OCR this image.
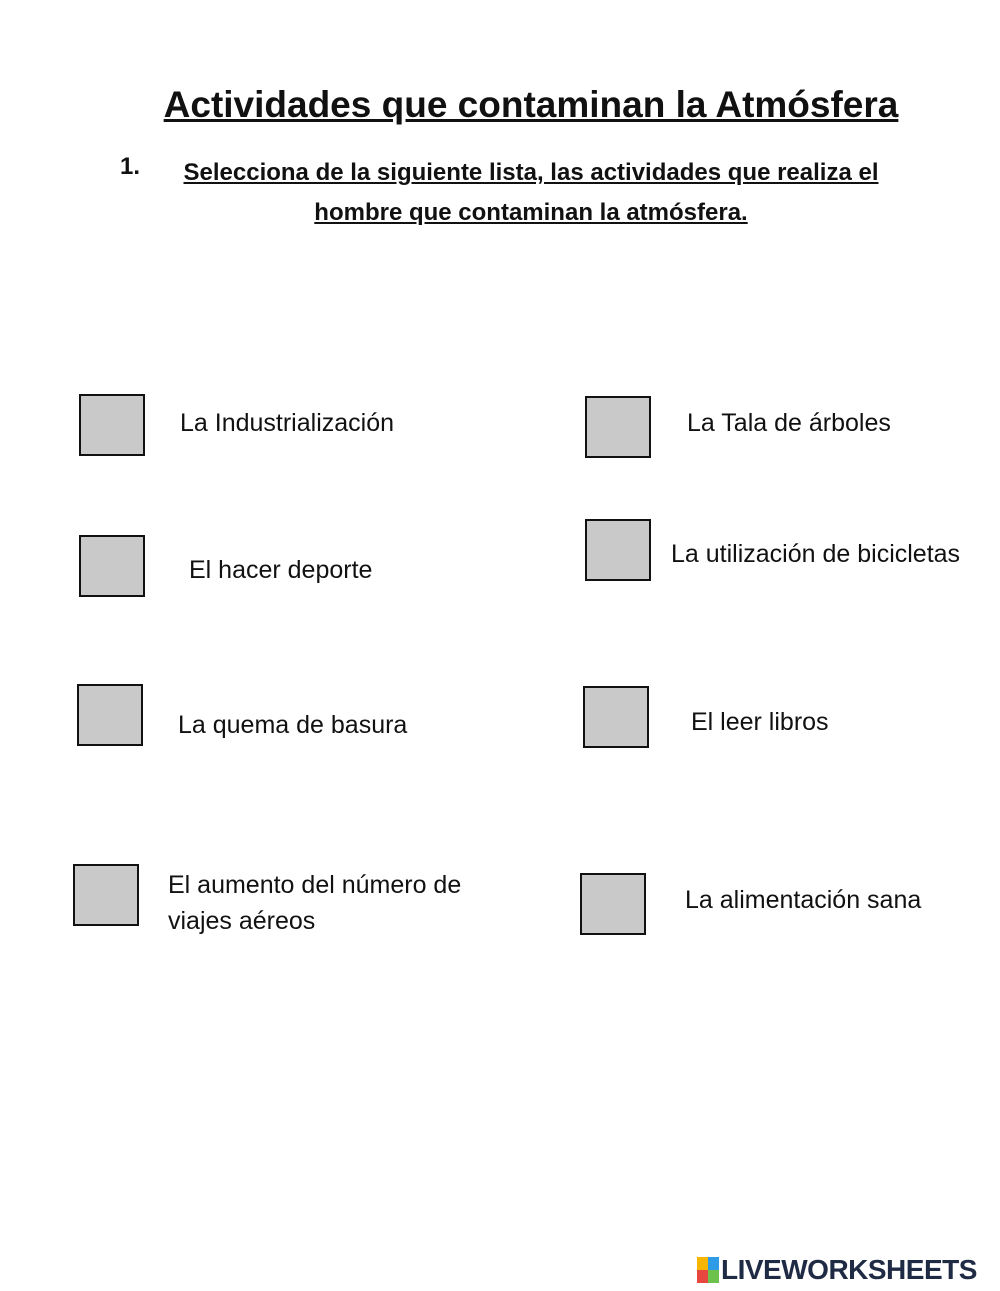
Actividades que contaminan la Atmósfera
1.	Selecciona de la siguiente lista, las actividades que realiza el
hombre que contaminan la atmósfera.
La Industrialización	La Tala de árboles
El hacer deporte
La utilización de bicicletas
La quema de basura	El leer libros
El aumento del número de
viajes aéreos
La alimentación sana
LIVEWORKSHEETS
